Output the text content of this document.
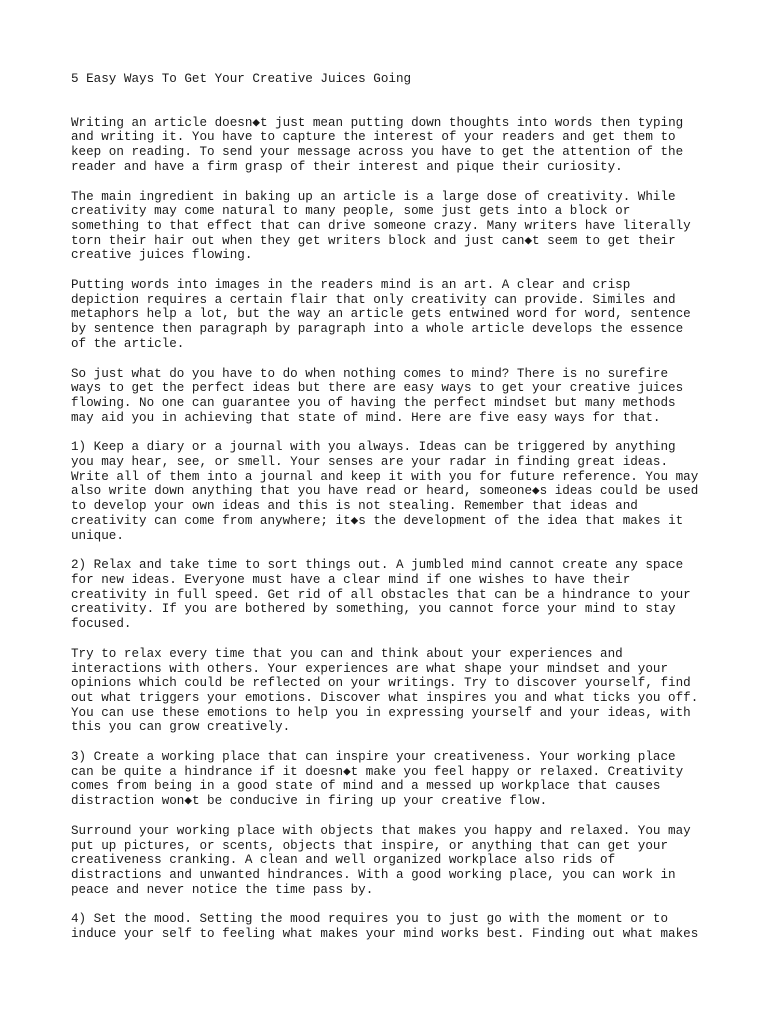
5 Easy Ways To Get Your Creative Juices Going
Writing an article doesn◆t just mean putting down thoughts into words then typing
and writing it. You have to capture the interest of your readers and get them to
keep on reading. To send your message across you have to get the attention of the
reader and have a firm grasp of their interest and pique their curiosity.
The main ingredient in baking up an article is a large dose of creativity. While
creativity may come natural to many people, some just gets into a block or
something to that effect that can drive someone crazy. Many writers have literally
torn their hair out when they get writers block and just can◆t seem to get their
creative juices flowing.
Putting words into images in the readers mind is an art. A clear and crisp
depiction requires a certain flair that only creativity can provide. Similes and
metaphors help a lot, but the way an article gets entwined word for word, sentence
by sentence then paragraph by paragraph into a whole article develops the essence
of the article.
So just what do you have to do when nothing comes to mind? There is no surefire
ways to get the perfect ideas but there are easy ways to get your creative juices
flowing. No one can guarantee you of having the perfect mindset but many methods
may aid you in achieving that state of mind. Here are five easy ways for that.
1) Keep a diary or a journal with you always. Ideas can be triggered by anything
you may hear, see, or smell. Your senses are your radar in finding great ideas.
Write all of them into a journal and keep it with you for future reference. You may
also write down anything that you have read or heard, someone◆s ideas could be used
to develop your own ideas and this is not stealing. Remember that ideas and
creativity can come from anywhere; it◆s the development of the idea that makes it
unique.
2) Relax and take time to sort things out. A jumbled mind cannot create any space
for new ideas. Everyone must have a clear mind if one wishes to have their
creativity in full speed. Get rid of all obstacles that can be a hindrance to your
creativity. If you are bothered by something, you cannot force your mind to stay
focused.
Try to relax every time that you can and think about your experiences and
interactions with others. Your experiences are what shape your mindset and your
opinions which could be reflected on your writings. Try to discover yourself, find
out what triggers your emotions. Discover what inspires you and what ticks you off.
You can use these emotions to help you in expressing yourself and your ideas, with
this you can grow creatively.
3) Create a working place that can inspire your creativeness. Your working place
can be quite a hindrance if it doesn◆t make you feel happy or relaxed. Creativity
comes from being in a good state of mind and a messed up workplace that causes
distraction won◆t be conducive in firing up your creative flow.
Surround your working place with objects that makes you happy and relaxed. You may
put up pictures, or scents, objects that inspire, or anything that can get your
creativeness cranking. A clean and well organized workplace also rids of
distractions and unwanted hindrances. With a good working place, you can work in
peace and never notice the time pass by.
4) Set the mood. Setting the mood requires you to just go with the moment or to
induce your self to feeling what makes your mind works best. Finding out what makes
